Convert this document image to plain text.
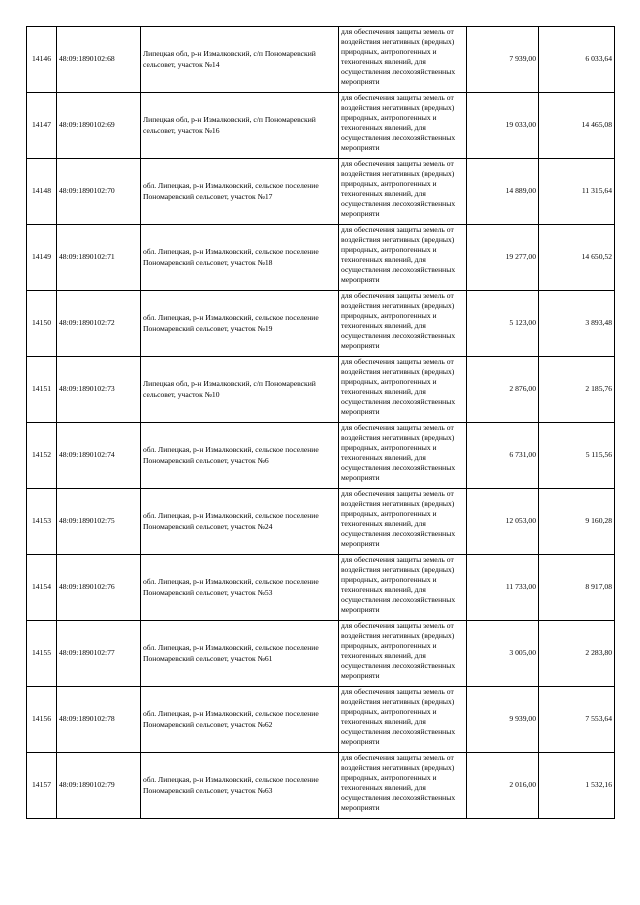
14146	48:09:1890102:68	Липецкая обл, р-н Измалковский, с/п Пономаревский сельсовет, участок №14	для обеспечения защиты земель от воздействия негативных (вредных) природных, антропогенных и техногенных явлений, для осуществления лесохозяйственных мероприяти	7 939,00	6 033,64
14147	48:09:1890102:69	Липецкая обл, р-н Измалковский, с/п Пономаревский сельсовет, участок №16	для обеспечения защиты земель от воздействия негативных (вредных) природных, антропогенных и техногенных явлений, для осуществления лесохозяйственных мероприяти	19 033,00	14 465,08
14148	48:09:1890102:70	обл. Липецкая, р-н Измалковский, сельское поселение Пономаревский сельсовет, участок №17	для обеспечения защиты земель от воздействия негативных (вредных) природных, антропогенных и техногенных явлений, для осуществления лесохозяйственных мероприяти	14 889,00	11 315,64
14149	48:09:1890102:71	обл. Липецкая, р-н Измалковский, сельское поселение Пономаревский сельсовет, участок №18	для обеспечения защиты земель от воздействия негативных (вредных) природных, антропогенных и техногенных явлений, для осуществления лесохозяйственных мероприяти	19 277,00	14 650,52
14150	48:09:1890102:72	обл. Липецкая, р-н Измалковский, сельское поселение Пономаревский сельсовет, участок №19	для обеспечения защиты земель от воздействия негативных (вредных) природных, антропогенных и техногенных явлений, для осуществления лесохозяйственных мероприяти	5 123,00	3 893,48
14151	48:09:1890102:73	Липецкая обл, р-н Измалковский, с/п Пономаревский сельсовет, участок №10	для обеспечения защиты земель от воздействия негативных (вредных) природных, антропогенных и техногенных явлений, для осуществления лесохозяйственных мероприяти	2 876,00	2 185,76
14152	48:09:1890102:74	обл. Липецкая, р-н Измалковский, сельское поселение Пономаревский сельсовет, участок №6	для обеспечения защиты земель от воздействия негативных (вредных) природных, антропогенных и техногенных явлений, для осуществления лесохозяйственных мероприяти	6 731,00	5 115,56
14153	48:09:1890102:75	обл. Липецкая, р-н Измалковский, сельское поселение Пономаревский сельсовет, участок №24	для обеспечения защиты земель от воздействия негативных (вредных) природных, антропогенных и техногенных явлений, для осуществления лесохозяйственных мероприяти	12 053,00	9 160,28
14154	48:09:1890102:76	обл. Липецкая, р-н Измалковский, сельское поселение Пономаревский сельсовет, участок №53	для обеспечения защиты земель от воздействия негативных (вредных) природных, антропогенных и техногенных явлений, для осуществления лесохозяйственных мероприяти	11 733,00	8 917,08
14155	48:09:1890102:77	обл. Липецкая, р-н Измалковский, сельское поселение Пономаревский сельсовет, участок №61	для обеспечения защиты земель от воздействия негативных (вредных) природных, антропогенных и техногенных явлений, для осуществления лесохозяйственных мероприяти	3 005,00	2 283,80
14156	48:09:1890102:78	обл. Липецкая, р-н Измалковский, сельское поселение Пономаревский сельсовет, участок №62	для обеспечения защиты земель от воздействия негативных (вредных) природных, антропогенных и техногенных явлений, для осуществления лесохозяйственных мероприяти	9 939,00	7 553,64
14157	48:09:1890102:79	обл. Липецкая, р-н Измалковский, сельское поселение Пономаревский сельсовет, участок №63	для обеспечения защиты земель от воздействия негативных (вредных) природных, антропогенных и техногенных явлений, для осуществления лесохозяйственных мероприяти	2 016,00	1 532,16
